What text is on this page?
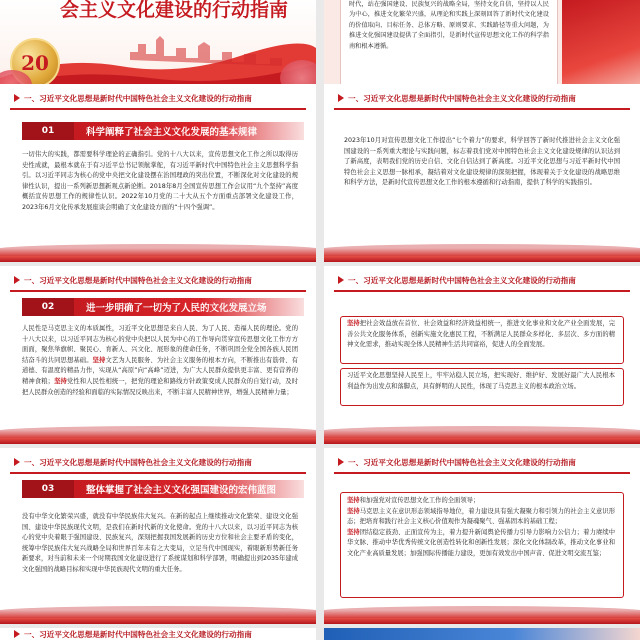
会主义文化建设的行动指南
20
时代，站在强国建设、民族复兴的战略全局，坚持文化自信，坚持以人民为中心，推进文化繁荣兴盛，从理论和实践上深刻回答了新时代文化建设的价值取向、目标任务、总体方略、原则要求、实践路径等重大问题，为推进文化强国建设提供了全面指引，是新时代宣传思想文化工作的科学指南和根本遵循。
一、习近平文化思想是新时代中国特色社会主义文化建设的行动指南
01	科学阐释了社会主义文化发展的基本规律
一切伟大的实践，都需要科学理论的正确指引。党的十八大以来，宣传思想文化工作之所以取得历史性成就，最根本就在于有习近平总书记领航掌舵，有习近平新时代中国特色社会主义思想科学指引。以习近平同志为核心的党中央把文化建设摆在治国理政的突出位置，不断深化对文化建设的规律性认识，提出一系列新思想新观点新论断。2018年8月全国宣传思想工作会议用“九个坚持”高度概括宣传思想工作的规律性认识。2022年10月党的二十大从五个方面重点部署文化建设工作，2023年6月文化传承发展座谈会明确了文化建设方面的“十四个强调”。
一、习近平文化思想是新时代中国特色社会主义文化建设的行动指南
2023年10月对宣传思想文化工作提出“七个着力”的要求，科学回答了新时代推进社会主义文化强国建设的一系列重大理论与实践问题，标志着我们党对中国特色社会主义文化建设规律的认识达到了新高度，表明我们党的历史自信、文化自信达到了新高度。习近平文化思想与习近平新时代中国特色社会主义思想一脉相承，凝结着对文化建设规律的深刻把握，体现着关于文化建设的战略思维和科学方法，是新时代宣传思想文化工作的根本遵循和行动指南，提供了科学的实践指引。
一、习近平文化思想是新时代中国特色社会主义文化建设的行动指南
02	进一步明确了一切为了人民的文化发展立场
人民性是马克思主义的本质属性，习近平文化思想是来自人民、为了人民、造福人民的理论。党的十八大以来，以习近平同志为核心的党中央把以人民为中心的工作导向贯穿宣传思想文化工作方方面面，聚焦举旗帜、聚民心、育新人、兴文化、展形象的使命任务，不断巩固全党全国各族人民团结奋斗的共同思想基础。坚持文艺为人民服务、为社会主义服务的根本方向，不断推出有筋骨、有道德、有温度的精品力作，实现从“高原”向“高峰”迈进，为广大人民群众提供更丰富、更有营养的精神食粮；坚持党性和人民性相统一，把党的理论和路线方针政策变成人民群众的自觉行动，及时把人民群众创造的经验和面临的实际情况反映出来，不断丰富人民精神世界，增强人民精神力量；
一、习近平文化思想是新时代中国特色社会主义文化建设的行动指南
坚持把社会效益放在首位、社会效益和经济效益相统一，推进文化事业和文化产业全面发展，完善公共文化服务体系，创新实施文化惠民工程，不断满足人民群众多样化、多层次、多方面的精神文化需求，推动实现全体人民精神生活共同富裕，促进人的全面发展。
习近平文化思想坚持人民至上，牢牢站稳人民立场，把实现好、维护好、发展好最广大人民根本利益作为出发点和落脚点，具有鲜明的人民性，体现了马克思主义的根本政治立场。
一、习近平文化思想是新时代中国特色社会主义文化建设的行动指南
03	整体掌握了社会主义文化强国建设的宏伟蓝图
没有中华文化繁荣兴盛，就没有中华民族伟大复兴。在新的起点上继续推动文化繁荣、建设文化强国、建设中华民族现代文明，是我们在新时代新的文化使命。党的十八大以来，以习近平同志为核心的党中央着眼于强国建设、民族复兴，深刻把握我国发展新的历史方位和社会主要矛盾的变化，统筹中华民族伟大复兴战略全局和世界百年未有之大变局，立足当代中国现实，着眼新形势新任务新要求，对当前和未来一个时期我国文化建设进行了系统谋划和科学部署，明确提出到2035年建成文化强国的战略目标和实现中华民族现代文明的重大任务。
一、习近平文化思想是新时代中国特色社会主义文化建设的行动指南
坚持和加强党对宣传思想文化工作的全面领导；
坚持马克思主义在意识形态领域指导地位，着力建设具有强大凝聚力和引领力的社会主义意识形态；把培育和践行社会主义核心价值观作为凝魂聚气、强基固本的基础工程；
坚持团结稳定鼓劲、正面宣传为主，着力提升新闻舆论传播力引导力影响力公信力；着力赓续中华文脉、推动中华优秀传统文化创造性转化和创新性发展；深化文化体制改革，推动文化事业和文化产业高质量发展；加强国际传播能力建设，更加有效发出中国声音、促进文明交流互鉴；
一、习近平文化思想是新时代中国特色社会主义文化建设的行动指南
